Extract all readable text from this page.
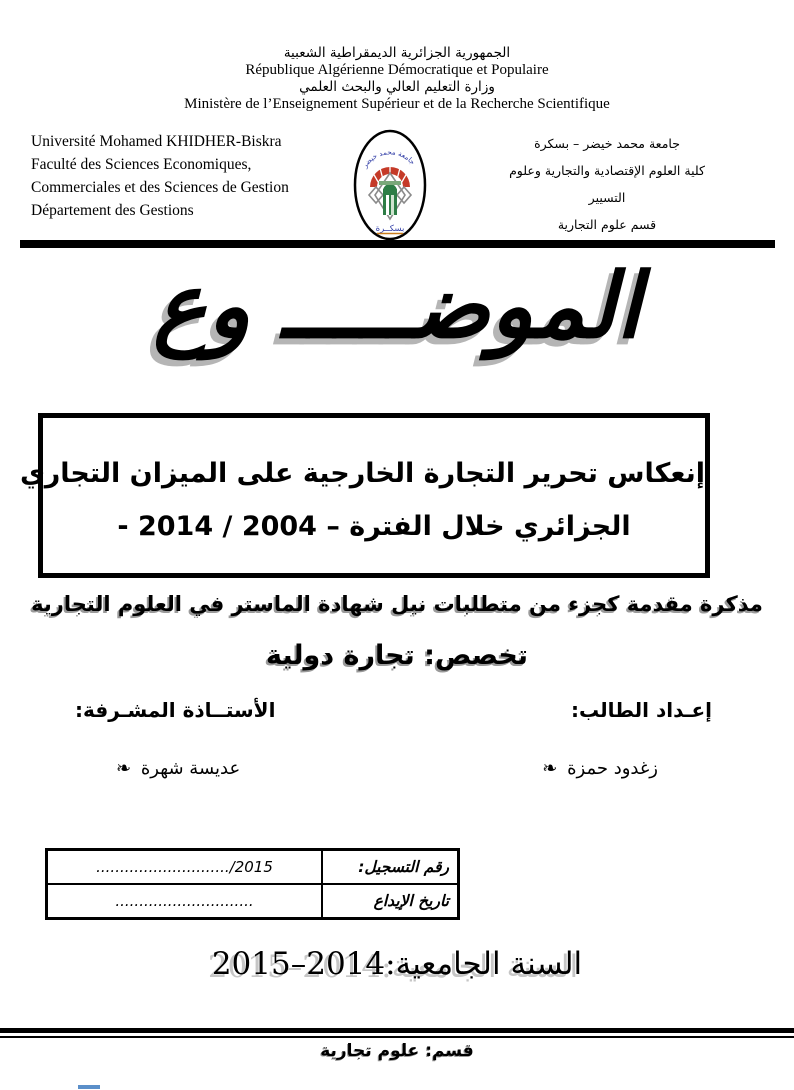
الجمهورية الجزائرية الديمقراطية الشعبية
République Algérienne Démocratique et Populaire
وزارة التعليم العالي والبحث العلمي
Ministère de l’Enseignement Supérieur et de la Recherche Scientifique
Université Mohamed KHIDHER-Biskra
Faculté des Sciences Economiques,
Commerciales et des Sciences de Gestion
Département des Gestions
جامعة محمد خيضر – بسكرة
كلية العلوم الإقتصادية والتجارية وعلوم التسيير
قسم علوم التجارية
جامعة محمد خيضر
بسكــرة
الموضـــــ وع
إنعكاس تحرير التجارة الخارجية على الميزان التجاري
الجزائري خلال الفترة – 2004 / 2014 -
مذكرة مقدمة كجزء من متطلبات نيل شهادة الماستر في العلوم التجارية
تخصص: تجارة دولية
إعـداد الطالب:
الأستــاذة المشـرفة:
زغدود حمزة ❧
عديسة شهرة ❧
رقم التسجيل:	2015/............................
تاريخ الإيداع	.............................
السنة الجامعية:2014–2015
قسم: علوم تجارية
